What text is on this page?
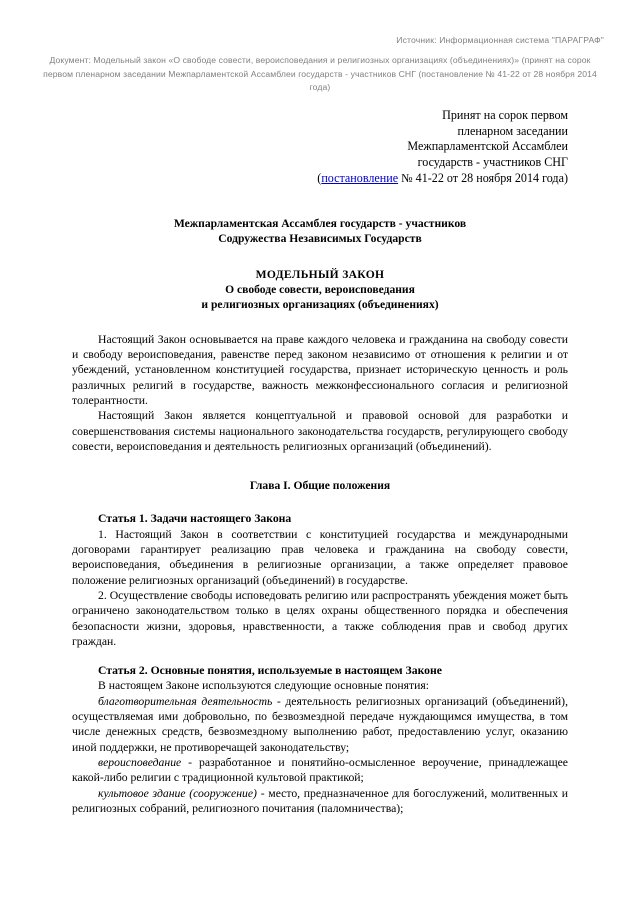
Источник: Информационная система "ПАРАГРАФ"
Документ: Модельный закон «О свободе совести, вероисповедания и религиозных организациях (объединениях)» (принят на сорок первом пленарном заседании Межпарламентской Ассамблеи государств - участников СНГ (постановление № 41-22 от 28 ноября 2014 года)
Принят на сорок первом
пленарном заседании
Межпарламентской Ассамблеи
государств - участников СНГ
(постановление № 41-22 от 28 ноября 2014 года)
Межпарламентская Ассамблея государств - участников
Содружества Независимых Государств
МОДЕЛЬНЫЙ ЗАКОН
О свободе совести, вероисповедания
и религиозных организациях (объединениях)

Настоящий Закон основывается на праве каждого человека и гражданина на свободу совести и свободу вероисповедания, равенстве перед законом независимо от отношения к религии и от убеждений, установленном конституцией государства, признает историческую ценность и роль различных религий в государстве, важность межконфессионального согласия и религиозной толерантности.

Настоящий Закон является концептуальной и правовой основой для разработки и совершенствования системы национального законодательства государств, регулирующего свободу совести, вероисповедания и деятельность религиозных организаций (объединений).

Глава I. Общие положения

Статья 1. Задачи настоящего Закона

1. Настоящий Закон в соответствии с конституцией государства и международными договорами гарантирует реализацию прав человека и гражданина на свободу совести, вероисповедания, объединения в религиозные организации, а также определяет правовое положение религиозных организаций (объединений) в государстве.

2. Осуществление свободы исповедовать религию или распространять убеждения может быть ограничено законодательством только в целях охраны общественного порядка и обеспечения безопасности жизни, здоровья, нравственности, а также соблюдения прав и свобод других граждан.

Статья 2. Основные понятия, используемые в настоящем Законе

В настоящем Законе используются следующие основные понятия:

благотворительная деятельность - деятельность религиозных организаций (объединений), осуществляемая ими добровольно, по безвозмездной передаче нуждающимся имущества, в том числе денежных средств, безвозмездному выполнению работ, предоставлению услуг, оказанию иной поддержки, не противоречащей законодательству;

вероисповедание - разработанное и понятийно-осмысленное вероучение, принадлежащее какой-либо религии с традиционной культовой практикой;

культовое здание (сооружение) - место, предназначенное для богослужений, молитвенных и религиозных собраний, религиозного почитания (паломничества);
